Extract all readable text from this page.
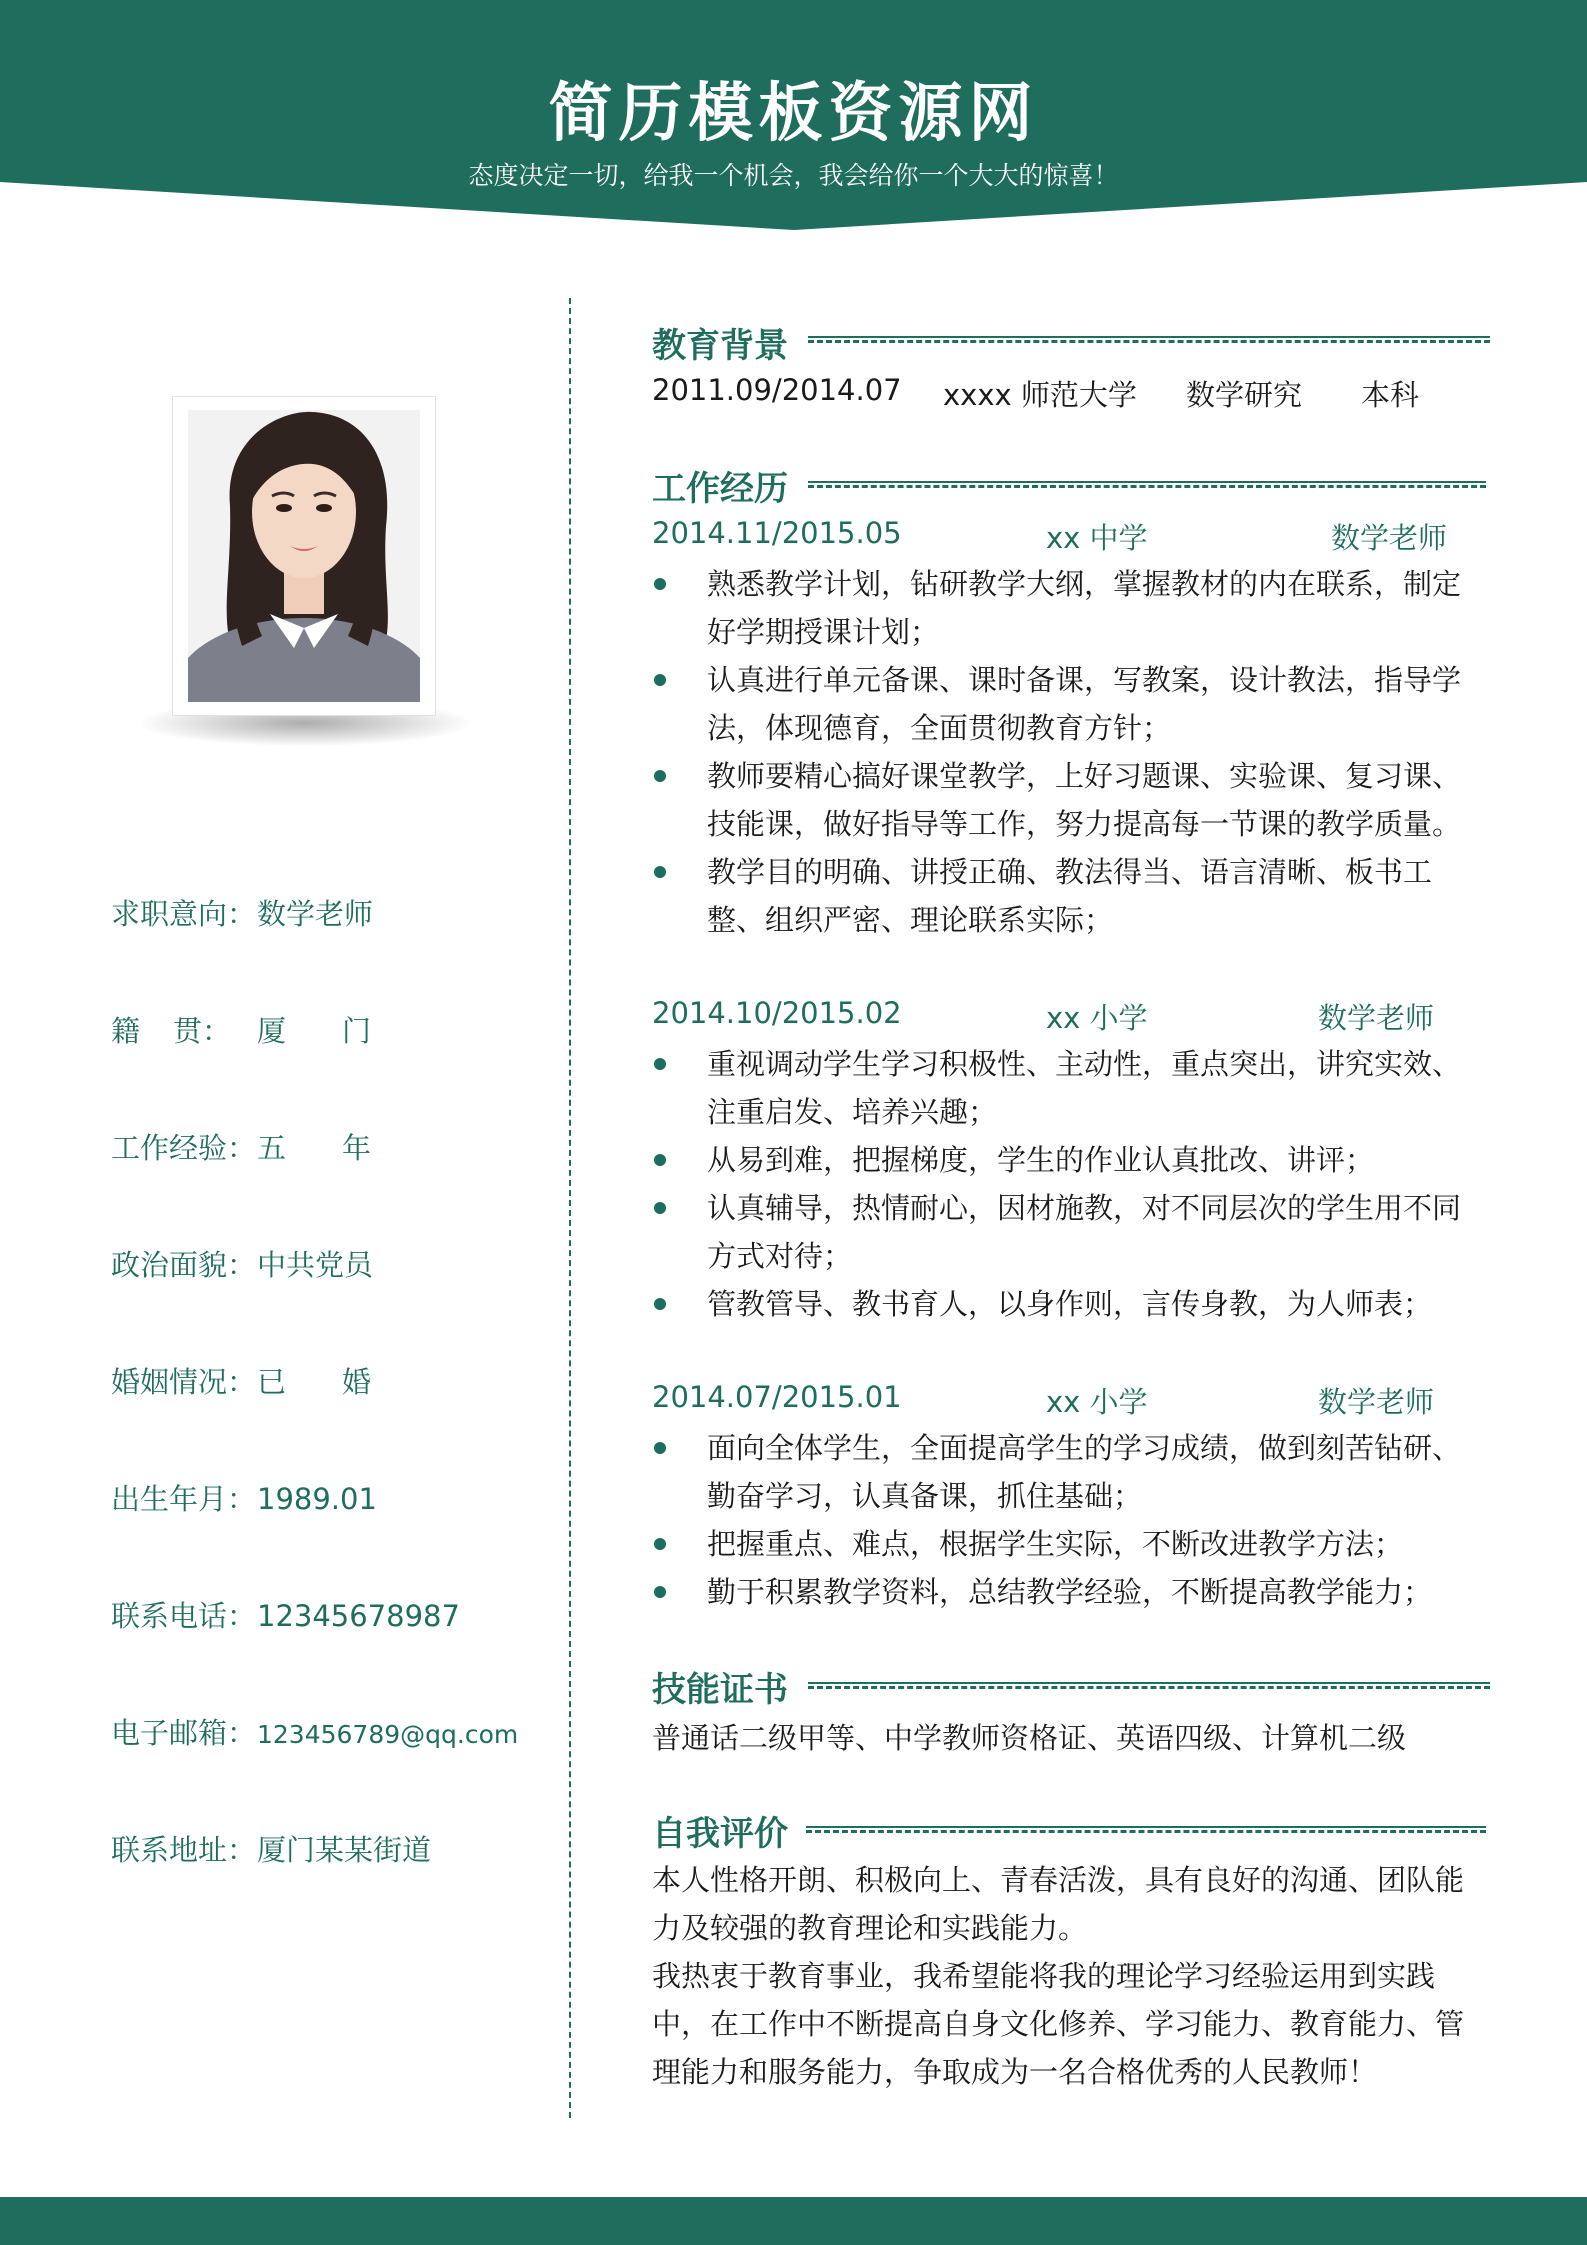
简历模板资源网
态度决定一切，给我一个机会，我会给你一个大大的惊喜！
求职意向：数学老师
籍 贯： 厦 门
工作经验： 五 年
政治面貌：中共党员
婚姻情况： 已 婚
出生年月：1989.01
联系电话：12345678987
电子邮箱：123456789@qq.com
联系地址：厦门某某街道
教育背景
2011.09/2014.07 xxxx 师范大学 数学研究 本科
工作经历
2014.11/2015.05	xx 中学	数学老师
熟悉教学计划，钻研教学大纲，掌握教材的内在联系，制定好学期授课计划；
认真进行单元备课、课时备课，写教案，设计教法，指导学法，体现德育，全面贯彻教育方针；
教师要精心搞好课堂教学，上好习题课、实验课、复习课、技能课，做好指导等工作，努力提高每一节课的教学质量。
教学目的明确、讲授正确、教法得当、语言清晰、板书工整、组织严密、理论联系实际；
2014.10/2015.02	xx 小学	数学老师
重视调动学生学习积极性、主动性，重点突出，讲究实效、注重启发、培养兴趣；
从易到难，把握梯度，学生的作业认真批改、讲评；
认真辅导，热情耐心，因材施教，对不同层次的学生用不同方式对待；
管教管导、教书育人，以身作则，言传身教，为人师表；
2014.07/2015.01	xx 小学	数学老师
面向全体学生，全面提高学生的学习成绩，做到刻苦钻研、勤奋学习，认真备课，抓住基础；
把握重点、难点，根据学生实际，不断改进教学方法；
勤于积累教学资料，总结教学经验，不断提高教学能力；
技能证书
普通话二级甲等、中学教师资格证、英语四级、计算机二级
自我评价
本人性格开朗、积极向上、青春活泼，具有良好的沟通、团队能力及较强的教育理论和实践能力。
我热衷于教育事业，我希望能将我的理论学习经验运用到实践中，在工作中不断提高自身文化修养、学习能力、教育能力、管理能力和服务能力，争取成为一名合格优秀的人民教师！
